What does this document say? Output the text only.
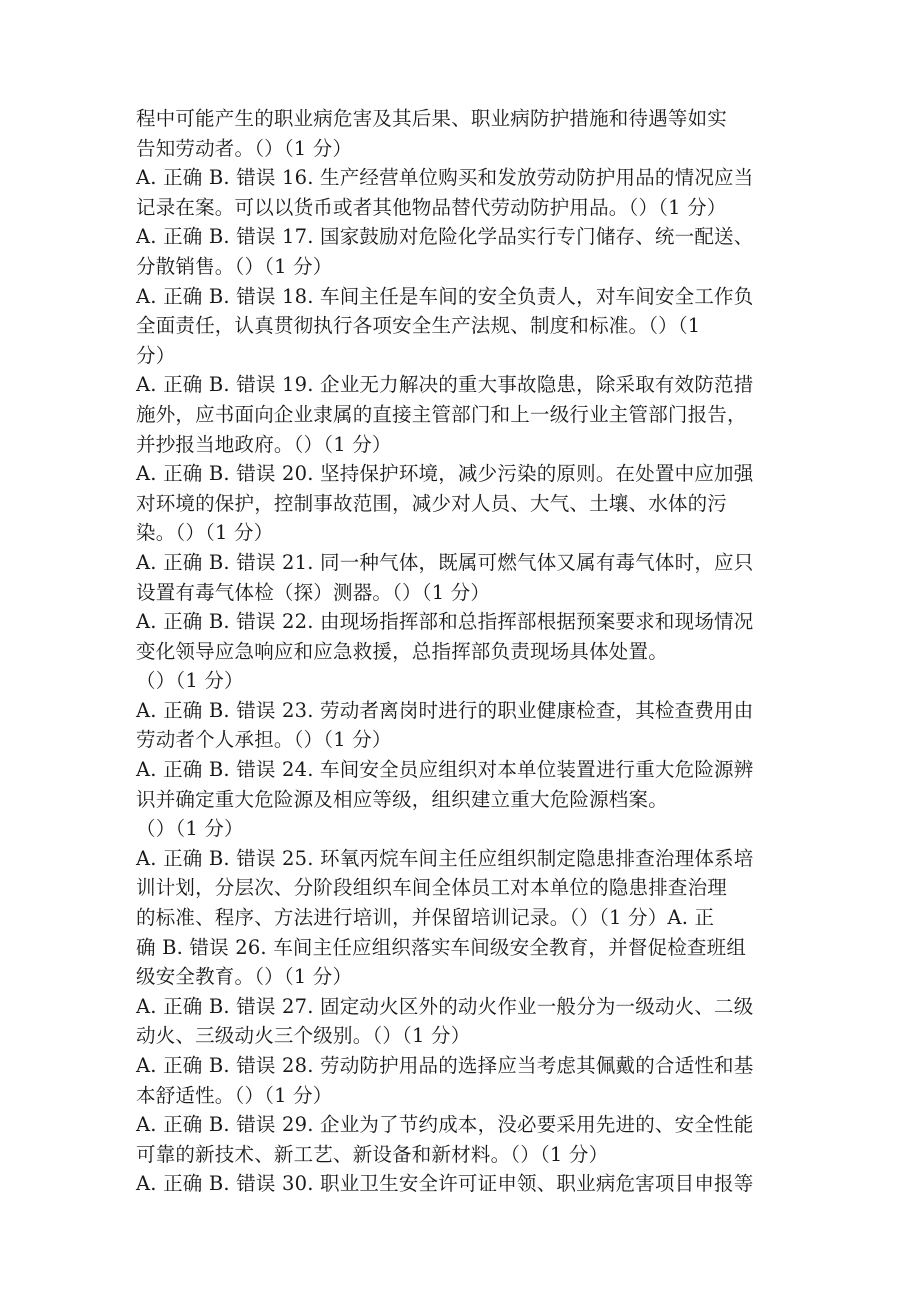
程中可能产生的职业病危害及其后果、职业病防护措施和待遇等如实
告知劳动者。（）（1 分）
A. 正确 B. 错误 16. 生产经营单位购买和发放劳动防护用品的情况应当
记录在案。可以以货币或者其他物品替代劳动防护用品。（）（1 分）
A. 正确 B. 错误 17. 国家鼓励对危险化学品实行专门储存、统一配送、
分散销售。（）（1 分）
A. 正确 B. 错误 18. 车间主任是车间的安全负责人，对车间安全工作负
全面责任，认真贯彻执行各项安全生产法规、制度和标准。（）（1
分）
A. 正确 B. 错误 19. 企业无力解决的重大事故隐患，除采取有效防范措
施外，应书面向企业隶属的直接主管部门和上一级行业主管部门报告，
并抄报当地政府。（）（1 分）
A. 正确 B. 错误 20. 坚持保护环境，减少污染的原则。在处置中应加强
对环境的保护，控制事故范围，减少对人员、大气、土壤、水体的污
染。（）（1 分）
A. 正确 B. 错误 21. 同一种气体，既属可燃气体又属有毒气体时，应只
设置有毒气体检（探）测器。（）（1 分）
A. 正确 B. 错误 22. 由现场指挥部和总指挥部根据预案要求和现场情况
变化领导应急响应和应急救援，总指挥部负责现场具体处置。
（）（1 分）
A. 正确 B. 错误 23. 劳动者离岗时进行的职业健康检查，其检查费用由
劳动者个人承担。（）（1 分）
A. 正确 B. 错误 24. 车间安全员应组织对本单位装置进行重大危险源辨
识并确定重大危险源及相应等级，组织建立重大危险源档案。
（）（1 分）
A. 正确 B. 错误 25. 环氧丙烷车间主任应组织制定隐患排查治理体系培
训计划，分层次、分阶段组织车间全体员工对本单位的隐患排查治理
的标准、程序、方法进行培训，并保留培训记录。（）（1 分）A. 正
确 B. 错误 26. 车间主任应组织落实车间级安全教育，并督促检查班组
级安全教育。（）（1 分）
A. 正确 B. 错误 27. 固定动火区外的动火作业一般分为一级动火、二级
动火、三级动火三个级别。（）（1 分）
A. 正确 B. 错误 28. 劳动防护用品的选择应当考虑其佩戴的合适性和基
本舒适性。（）（1 分）
A. 正确 B. 错误 29. 企业为了节约成本，没必要采用先进的、安全性能
可靠的新技术、新工艺、新设备和新材料。（）（1 分）
A. 正确 B. 错误 30. 职业卫生安全许可证申领、职业病危害项目申报等
